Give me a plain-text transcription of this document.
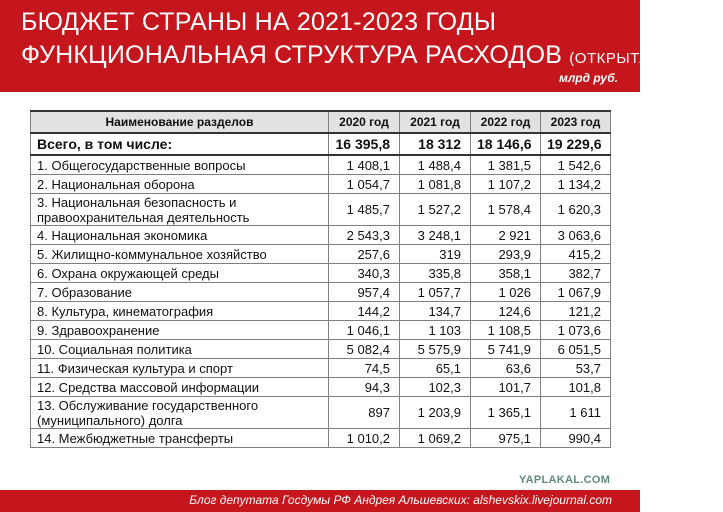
БЮДЖЕТ СТРАНЫ НА 2021-2023 ГОДЫ
ФУНКЦИОНАЛЬНАЯ СТРУКТУРА РАСХОДОВ (ОТКРЫТАЯ ЧАСТЬ)
млрд руб.
Наименование разделов	2020 год	2021 год	2022 год	2023 год
Всего, в том числе:	16 395,8	18 312	18 146,6	19 229,6
1. Общегосударственные вопросы	1 408,1	1 488,4	1 381,5	1 542,6
2. Национальная оборона	1 054,7	1 081,8	1 107,2	1 134,2
3. Национальная безопасность и правоохранительная деятельность	1 485,7	1 527,2	1 578,4	1 620,3
4. Национальная экономика	2 543,3	3 248,1	2 921	3 063,6
5. Жилищно-коммунальное хозяйство	257,6	319	293,9	415,2
6. Охрана окружающей среды	340,3	335,8	358,1	382,7
7. Образование	957,4	1 057,7	1 026	1 067,9
8. Культура, кинематография	144,2	134,7	124,6	121,2
9. Здравоохранение	1 046,1	1 103	1 108,5	1 073,6
10. Социальная политика	5 082,4	5 575,9	5 741,9	6 051,5
11. Физическая культура и спорт	74,5	65,1	63,6	53,7
12. Средства массовой информации	94,3	102,3	101,7	101,8
13. Обслуживание государственного (муниципального) долга	897	1 203,9	1 365,1	1 611
14. Межбюджетные трансферты	1 010,2	1 069,2	975,1	990,4
YAPLAKAL.COM
Блог депутата Госдумы РФ Андрея Альшевских: alshevskix.livejournal.com
